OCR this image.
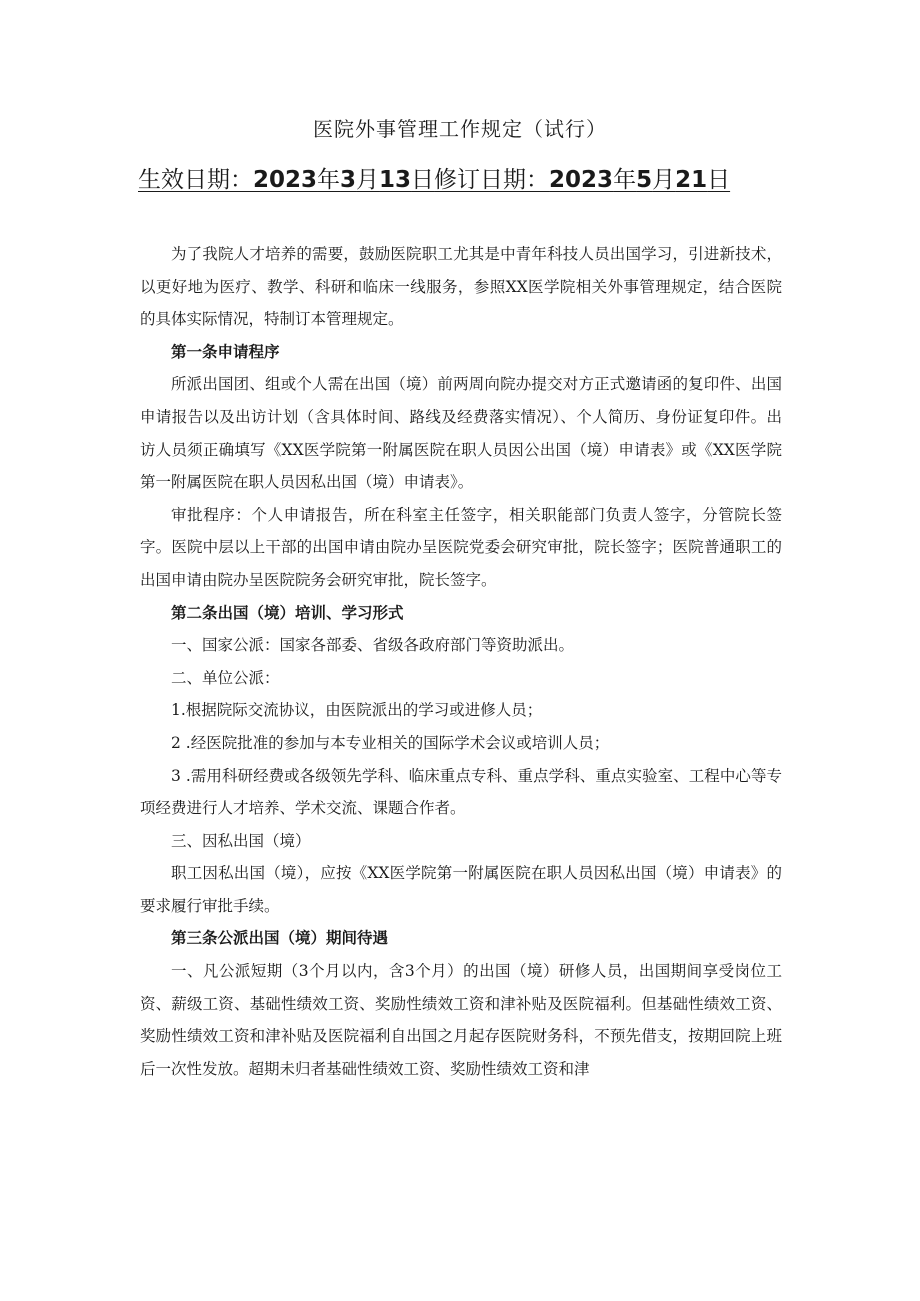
医院外事管理工作规定（试行）
生效日期：2023年3月13日修订日期：2023年5月21日

为了我院人才培养的需要，鼓励医院职工尤其是中青年科技人员出国学习，引进新技术，以更好地为医疗、教学、科研和临床一线服务，参照XX医学院相关外事管理规定，结合医院的具体实际情况，特制订本管理规定。

第一条申请程序

所派出国团、组或个人需在出国（境）前两周向院办提交对方正式邀请函的复印件、出国申请报告以及出访计划（含具体时间、路线及经费落实情况）、个人简历、身份证复印件。出访人员须正确填写《XX医学院第一附属医院在职人员因公出国（境）申请表》或《XX医学院第一附属医院在职人员因私出国（境）申请表》。

审批程序：个人申请报告，所在科室主任签字，相关职能部门负责人签字，分管院长签字。医院中层以上干部的出国申请由院办呈医院党委会研究审批，院长签字；医院普通职工的出国申请由院办呈医院院务会研究审批，院长签字。

第二条出国（境）培训、学习形式

一、国家公派：国家各部委、省级各政府部门等资助派出。

二、单位公派：

1.根据院际交流协议，由医院派出的学习或进修人员；

2 .经医院批准的参加与本专业相关的国际学术会议或培训人员；

3 .需用科研经费或各级领先学科、临床重点专科、重点学科、重点实验室、工程中心等专项经费进行人才培养、学术交流、课题合作者。

三、因私出国（境）

职工因私出国（境），应按《XX医学院第一附属医院在职人员因私出国（境）申请表》的要求履行审批手续。

第三条公派出国（境）期间待遇

一、凡公派短期（3个月以内，含3个月）的出国（境）研修人员，出国期间享受岗位工资、薪级工资、基础性绩效工资、奖励性绩效工资和津补贴及医院福利。但基础性绩效工资、奖励性绩效工资和津补贴及医院福利自出国之月起存医院财务科，不预先借支，按期回院上班后一次性发放。超期未归者基础性绩效工资、奖励性绩效工资和津
